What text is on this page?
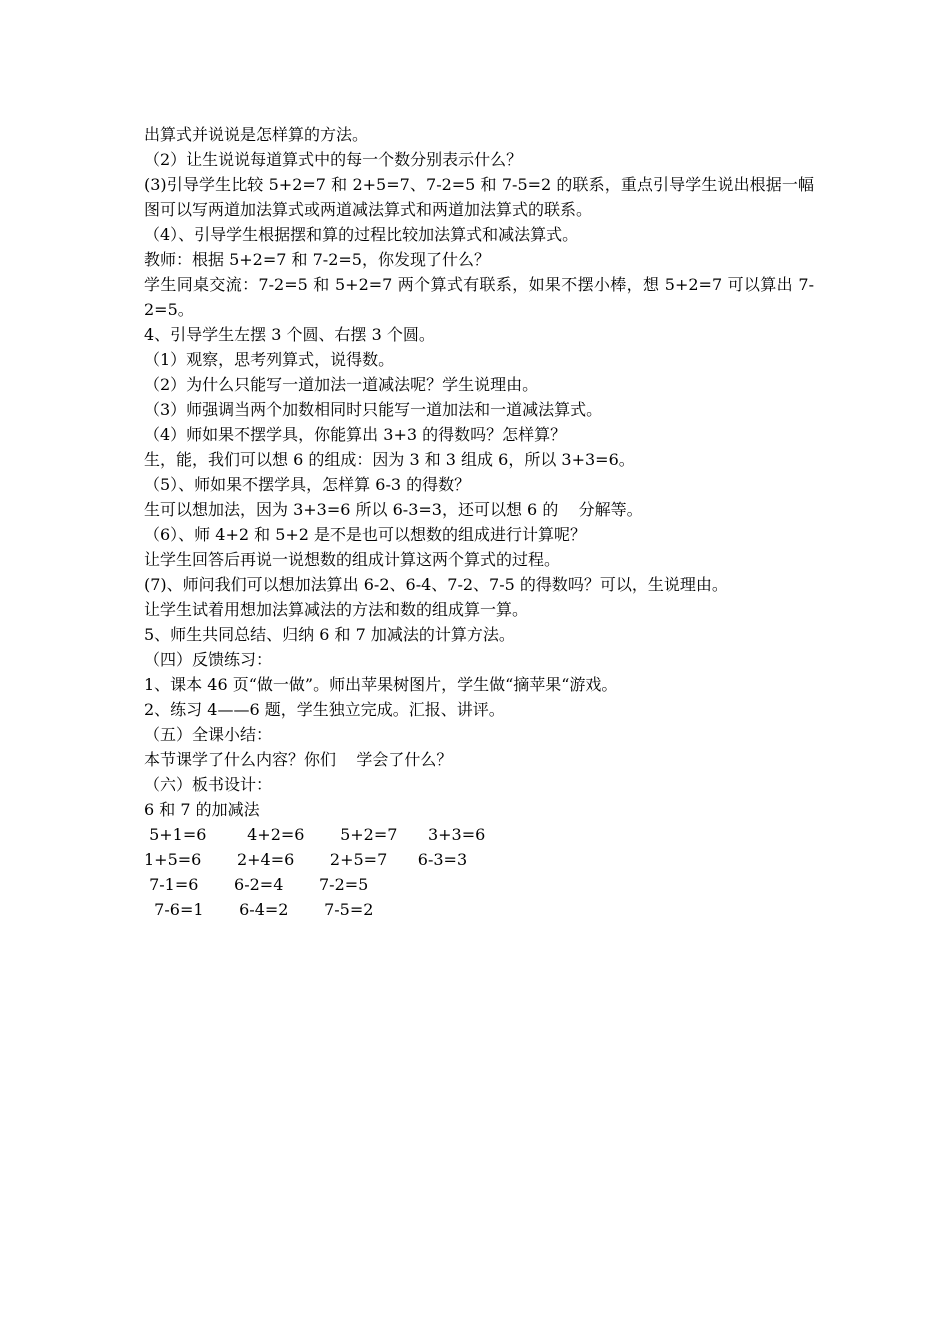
出算式并说说是怎样算的方法。
（2）让生说说每道算式中的每一个数分别表示什么？
(3)引导学生比较 5+2=7 和 2+5=7、7-2=5 和 7-5=2 的联系，重点引导学生说出根据一幅图可以写两道加法算式或两道减法算式和两道加法算式的联系。
（4）、引导学生根据摆和算的过程比较加法算式和减法算式。
教师：根据 5+2=7 和 7-2=5，你发现了什么？
学生同桌交流：7-2=5 和 5+2=7 两个算式有联系，如果不摆小棒，想 5+2=7 可以算出 7-2=5。
4、引导学生左摆 3 个圆、右摆 3 个圆。
（1）观察，思考列算式，说得数。
（2）为什么只能写一道加法一道减法呢？学生说理由。
（3）师强调当两个加数相同时只能写一道加法和一道减法算式。
（4）师如果不摆学具，你能算出 3+3 的得数吗？怎样算？
生，能，我们可以想 6 的组成：因为 3 和 3 组成 6，所以 3+3=6。
（5）、师如果不摆学具，怎样算 6-3 的得数？
生可以想加法，因为 3+3=6 所以 6-3=3，还可以想 6 的    分解等。
（6）、师 4+2 和 5+2 是不是也可以想数的组成进行计算呢？
让学生回答后再说一说想数的组成计算这两个算式的过程。
(7)、师问我们可以想加法算出 6-2、6-4、7-2、7-5 的得数吗？可以，生说理由。
让学生试着用想加法算减法的方法和数的组成算一算。
5、师生共同总结、归纳 6 和 7 加减法的计算方法。
（四）反馈练习：
1、课本 46 页“做一做”。师出苹果树图片，学生做“摘苹果“游戏。
2、练习 4——6 题，学生独立完成。汇报、讲评。
（五）全课小结：
本节课学了什么内容？你们    学会了什么？
（六）板书设计：
6 和 7 的加减法
5+1=6        4+2=6       5+2=7      3+3=6
1+5=6       2+4=6       2+5=7      6-3=3
7-1=6       6-2=4       7-2=5
7-6=1       6-4=2       7-5=2
